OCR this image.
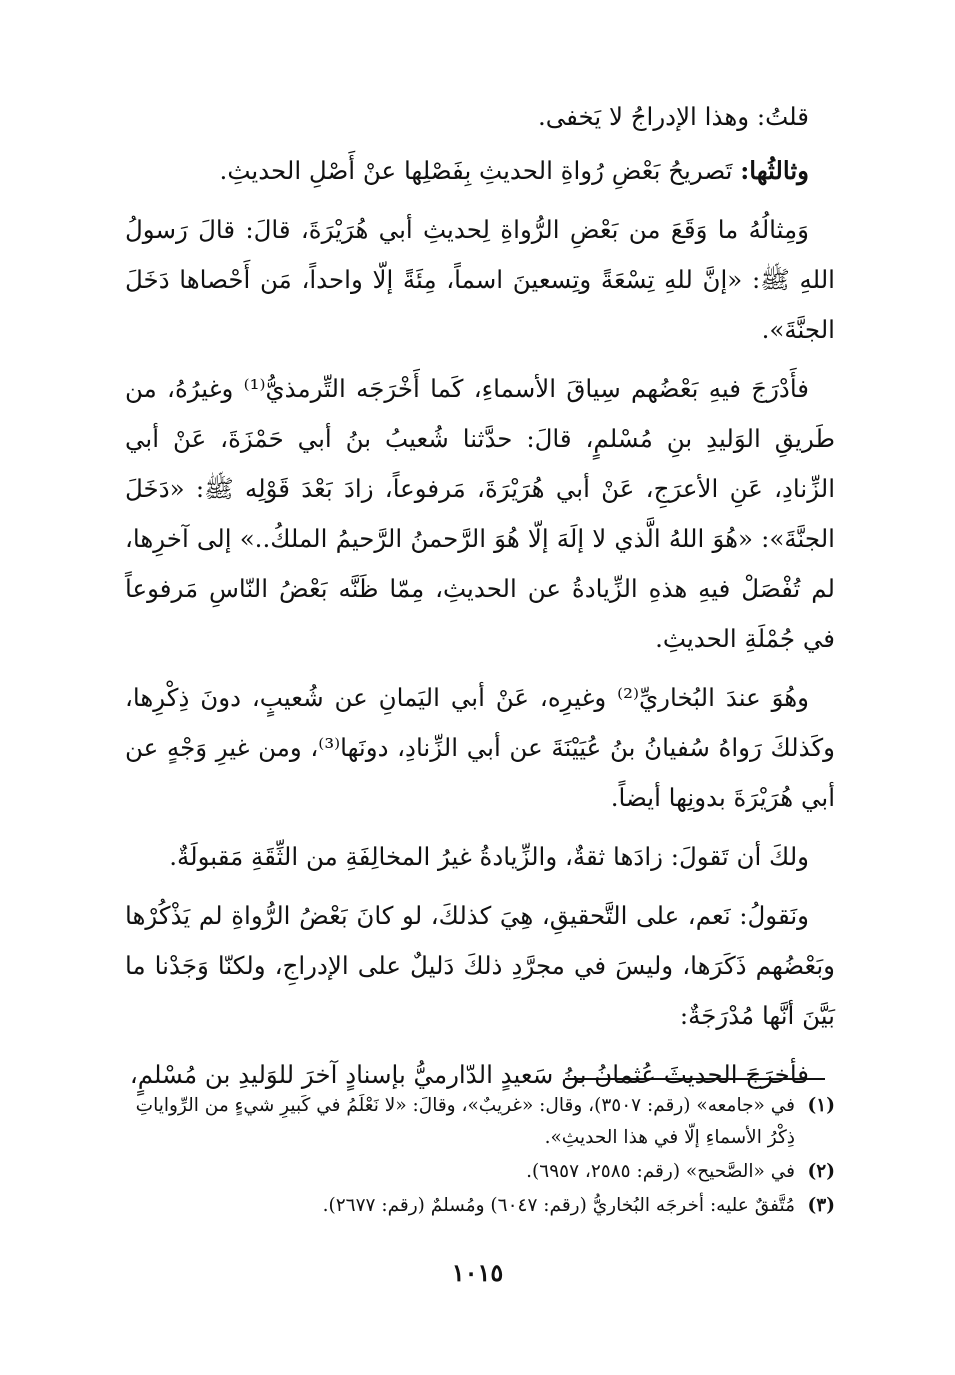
قلتُ: وهذا الإدراجُ لا يَخفى.

وثالثُها: تَصريحُ بَعْضِ رُواةِ الحديثِ بِفَصْلِها عنْ أَصْلِ الحديثِ.

وَمِثالُهُ ما وَقَعَ من بَعْضِ الرُّواةِ لِحديثِ أبي هُرَيْرَةَ، قالَ: قالَ رَسولُ اللهِ ﷺ: «إنَّ للهِ تِسْعَةً وتِسعينَ اسماً، مِئَةً إلّا واحداً، مَن أَحْصاها دَخَلَ الجنَّةَ».

فأَدْرَجَ فيهِ بَعْضُهم سِياقَ الأسماءِ، كَما أَخْرَجَه التِّرمذيُّ⁽¹⁾ وغيرُهُ، من طَريقِ الوَليدِ بنِ مُسْلمٍ، قالَ: حدَّثنا شُعيبُ بنُ أبي حَمْزَةَ، عَنْ أبي الزِّنادِ، عَنِ الأعرَجِ، عَنْ أبي هُرَيْرَةَ، مَرفوعاً، زادَ بَعْدَ قَوْلِه ﷺ: «دَخَلَ الجنَّةَ»: «هُوَ اللهُ الَّذي لا إلَهَ إلّا هُوَ الرَّحمنُ الرَّحيمُ الملكُ..» إلى آخرِها، لم تُفْصَلْ فيهِ هذهِ الزِّيادةُ عن الحديثِ، مِمّا ظَنَّه بَعْضُ النّاسِ مَرفوعاً في جُمْلَةِ الحديثِ.

وهُوَ عندَ البُخاريِّ⁽²⁾ وغيرِه، عَنْ أبي اليَمانِ عن شُعيبٍ، دونَ ذِكْرِها، وكَذلكَ رَواهُ سُفيانُ بنُ عُيَيْنَةَ عن أبي الزِّنادِ، دونَها⁽³⁾، ومن غيرِ وَجْهٍ عن أبي هُرَيْرَةَ بدونِها أيضاً.

ولكَ أن تَقولَ: زادَها ثقةٌ، والزِّيادةُ غيرُ المخالِفَةِ من الثِّقَةِ مَقبولَةٌ.

ونَقولُ: نَعم، على التَّحقيقِ، هِيَ كذلكَ، لو كانَ بَعْضُ الرُّواةِ لم يَذْكُرْها وبَعْضُهم ذَكَرَها، وليسَ في مجرَّدِ ذلكَ دَليلٌ على الإدراجِ، ولكنّا وَجَدْنا ما بَيَّنَ أنَّها مُدْرَجَةٌ:

فأخرَجَ الحديثَ عُثمانُ بنُ سَعيدٍ الدّارميُّ بإسنادٍ آخرَ للوَليدِ بن مُسْلمٍ،

(١)
في «جامعه» (رقم: ٣٥٠٧)، وقال: «غريبٌ»، وقالَ: «لا نَعْلَمُ في كَبيرِ شيءٍ من الرِّواياتِ ذِكْرُ الأسماءِ إلّا في هذا الحديثِ».
(٢)
في «الصَّحيح» (رقم: ٢٥٨٥، ٦٩٥٧).
(٣)
مُتَّفقٌ عليه: أخرجَه البُخاريُّ (رقم: ٦٠٤٧) ومُسلمٌ (رقم: ٢٦٧٧).
١٠١٥
